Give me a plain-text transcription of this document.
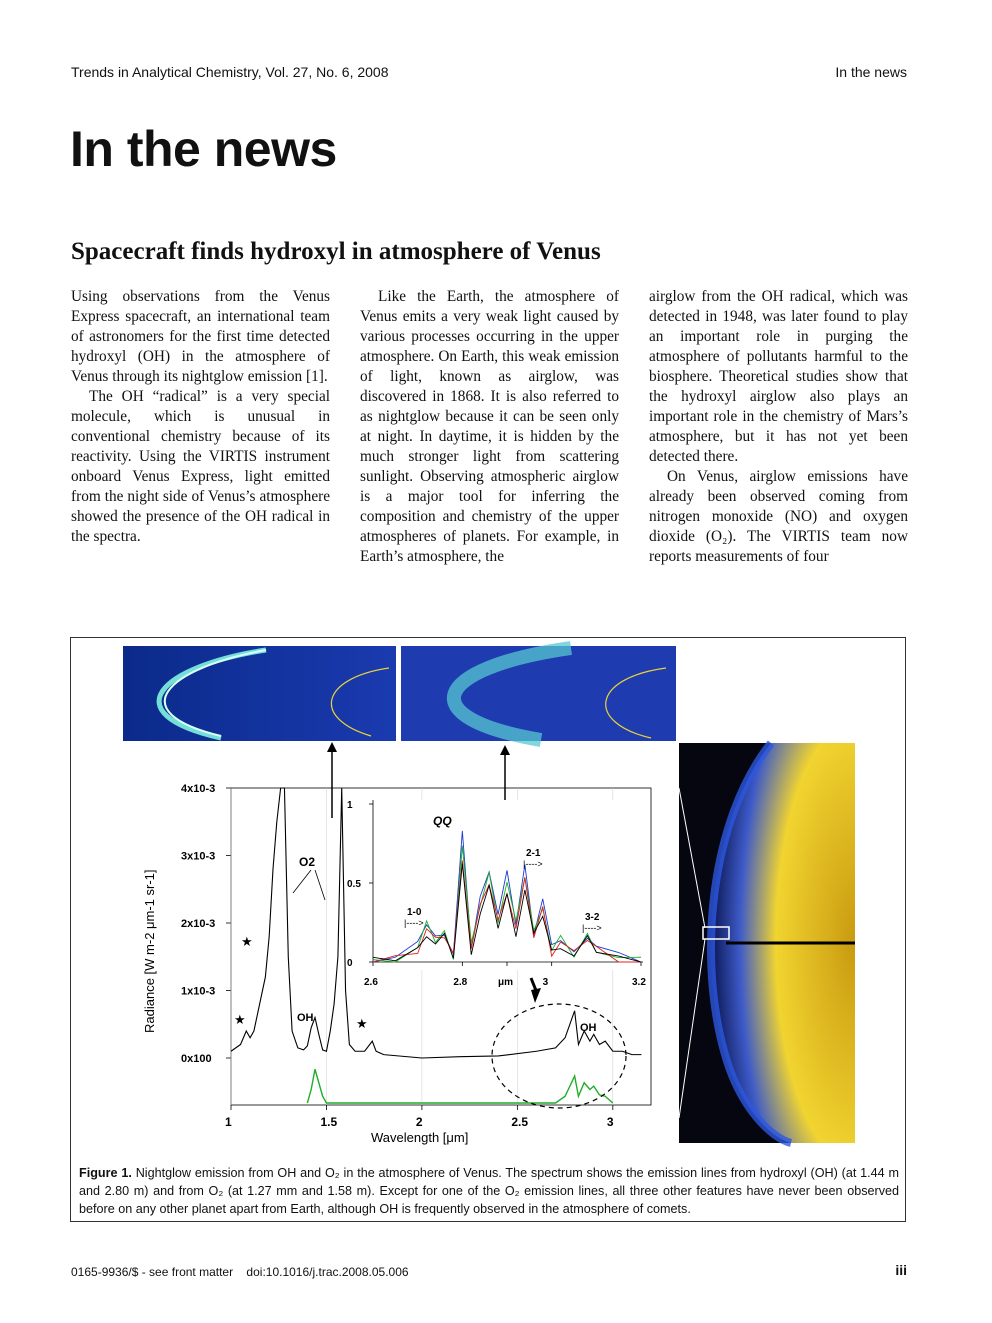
Trends in Analytical Chemistry, Vol. 27, No. 6, 2008	In the news
In the news
Spacecraft finds hydroxyl in atmosphere of Venus

Using observations from the Venus Express spacecraft, an international team of astronomers for the first time detected hydroxyl (OH) in the atmosphere of Venus through its nightglow emission [1].

The OH “radical” is a very special molecule, which is unusual in conventional chemistry because of its reactivity. Using the VIRTIS instrument onboard Venus Express, light emitted from the night side of Venus’s atmosphere showed the presence of the OH radical in the spectra.

Like the Earth, the atmosphere of Venus emits a very weak light caused by various processes occurring in the upper atmosphere. On Earth, this weak emission of light, known as airglow, was discovered in 1868. It is also referred to as nightglow because it can be seen only at night. In daytime, it is hidden by the much stronger light from scattering sunlight. Observing atmospheric airglow is a major tool for inferring the composition and chemistry of the upper atmospheres of planets. For example, in Earth’s atmosphere, the

airglow from the OH radical, which was detected in 1948, was later found to play an important role in purging the atmosphere of pollutants harmful to the biosphere. Theoretical studies show that the hydroxyl airglow also plays an important role in the chemistry of Mars’s atmosphere, but it has not yet been detected there.

On Venus, airglow emissions have already been observed coming from nitrogen monoxide (NO) and oxygen dioxide (O₂). The VIRTIS team now reports measurements of four

Radiance [W m-2 μm-1 sr-1]
Wavelength [μm]
4x10-3
3x10-3
2x10-3
1x10-3
0x100
1	1.5	2	2.5	3
O2
OH
OH
★
★	★
1
0.5
0
2.6	2.8	μm	3	3.2
QQ
1-0
|---->
2-1
|---->
3-2
|---->
Figure 1. Nightglow emission from OH and O₂ in the atmosphere of Venus. The spectrum shows the emission lines from hydroxyl (OH) (at 1.44 m and 2.80 m) and from O₂ (at 1.27 mm and 1.58 m). Except for one of the O₂ emission lines, all three other features have never been observed before on any other planet apart from Earth, although OH is frequently observed in the atmosphere of comets.
0165-9936/$ - see front matter    doi:10.1016/j.trac.2008.05.006	iii
